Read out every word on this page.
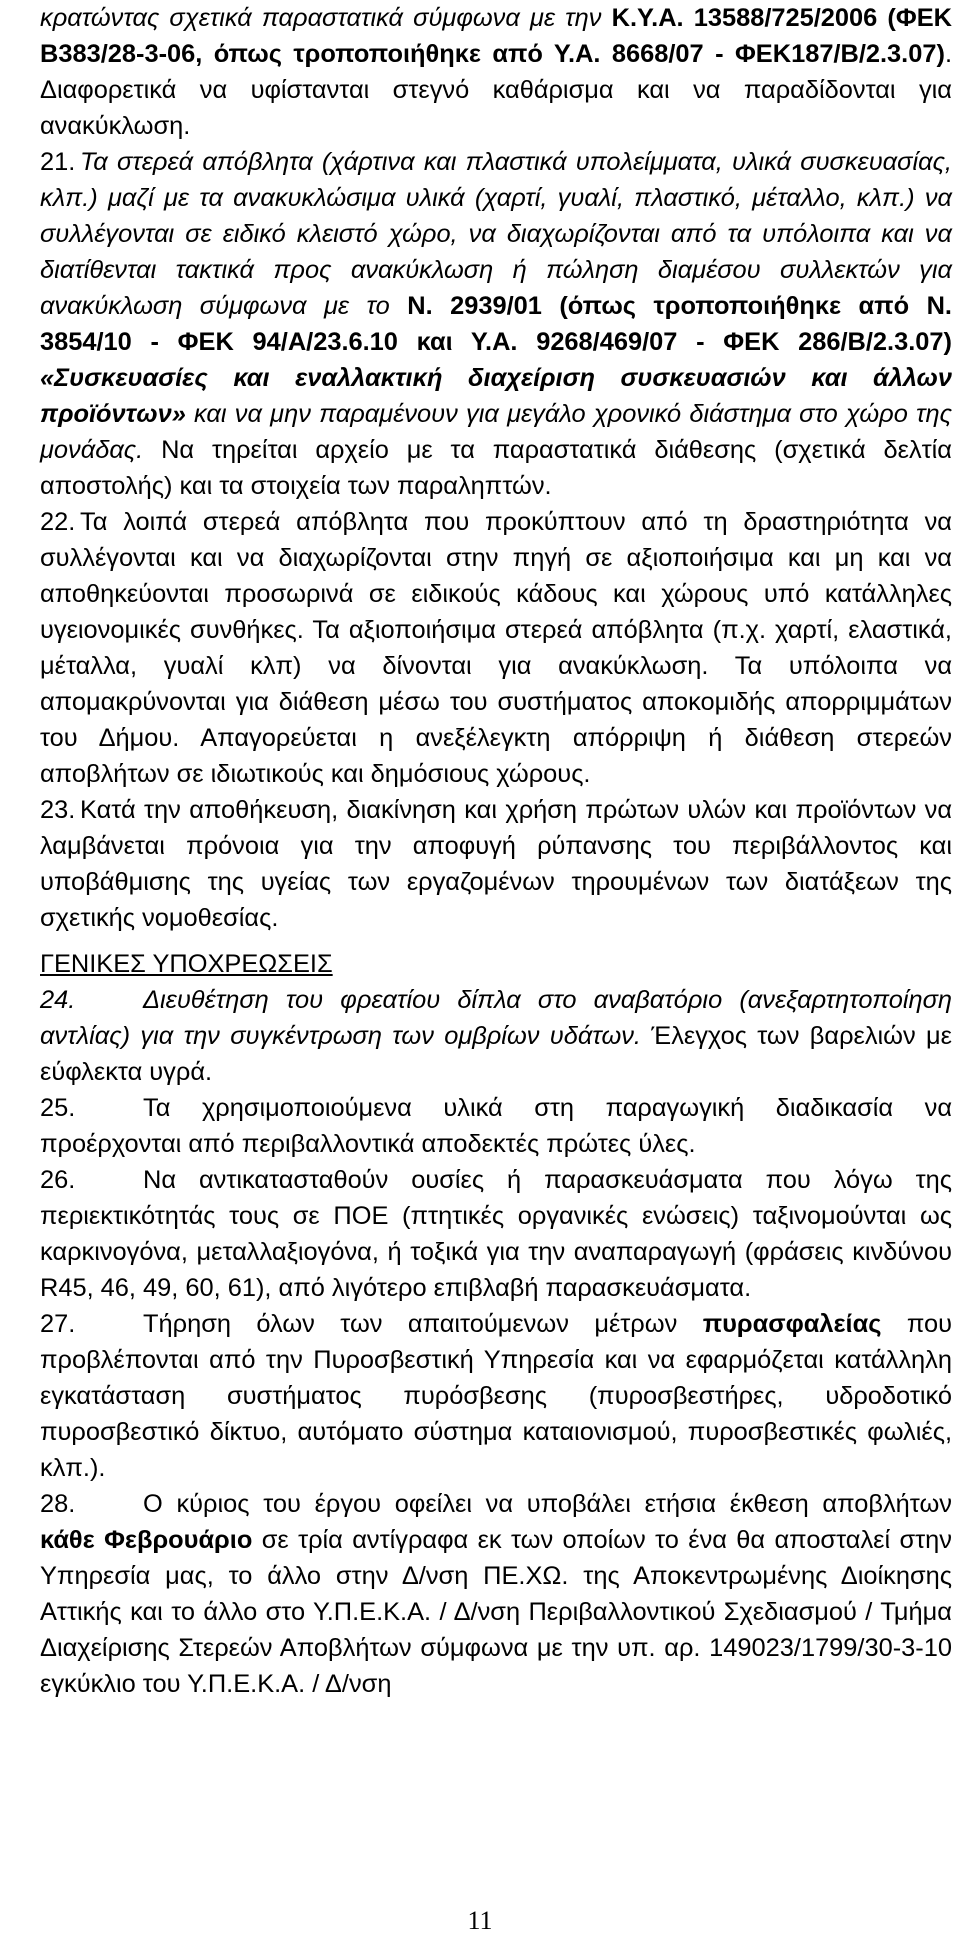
κρατώντας σχετικά παραστατικά σύμφωνα με την Κ.Υ.Α. 13588/725/2006 (ΦΕΚ Β383/28-3-06, όπως τροποποιήθηκε από Υ.Α. 8668/07 - ΦΕΚ187/Β/2.3.07). Διαφορετικά να υφίστανται στεγνό καθάρισμα και να παραδίδονται για ανακύκλωση.

21. Τα στερεά απόβλητα (χάρτινα και πλαστικά υπολείμματα, υλικά συσκευασίας, κλπ.) μαζί με τα ανακυκλώσιμα υλικά (χαρτί, γυαλί, πλαστικό, μέταλλο, κλπ.) να συλλέγονται σε ειδικό κλειστό χώρο, να διαχωρίζονται από τα υπόλοιπα και να διατίθενται τακτικά προς ανακύκλωση ή πώληση διαμέσου συλλεκτών για ανακύκλωση σύμφωνα με το Ν. 2939/01 (όπως τροποποιήθηκε από Ν. 3854/10 - ΦΕΚ 94/Α/23.6.10 και Υ.Α. 9268/469/07 - ΦΕΚ 286/Β/2.3.07) «Συσκευασίες και εναλλακτική διαχείριση συσκευασιών και άλλων προϊόντων» και να μην παραμένουν για μεγάλο χρονικό διάστημα στο χώρο της μονάδας. Να τηρείται αρχείο με τα παραστατικά διάθεσης (σχετικά δελτία αποστολής) και τα στοιχεία των παραληπτών.

22. Τα λοιπά στερεά απόβλητα που προκύπτουν από τη δραστηριότητα να συλλέγονται και να διαχωρίζονται στην πηγή σε αξιοποιήσιμα και μη και να αποθηκεύονται προσωρινά σε ειδικούς κάδους και χώρους υπό κατάλληλες υγειονομικές συνθήκες. Τα αξιοποιήσιμα στερεά απόβλητα (π.χ. χαρτί, ελαστικά, μέταλλα, γυαλί κλπ) να δίνονται για ανακύκλωση. Τα υπόλοιπα να απομακρύνονται για διάθεση μέσω του συστήματος αποκομιδής απορριμμάτων του Δήμου. Απαγορεύεται η ανεξέλεγκτη απόρριψη ή διάθεση στερεών αποβλήτων σε ιδιωτικούς και δημόσιους χώρους.

23. Κατά την αποθήκευση, διακίνηση και χρήση πρώτων υλών και προϊόντων να λαμβάνεται πρόνοια για την αποφυγή ρύπανσης του περιβάλλοντος και υποβάθμισης της υγείας των εργαζομένων τηρουμένων των διατάξεων της σχετικής νομοθεσίας.

ΓΕΝΙΚΕΣ ΥΠΟΧΡΕΩΣΕΙΣ

24.	Διευθέτηση του φρεατίου δίπλα στο αναβατόριο (ανεξαρτητοποίηση αντλίας) για την συγκέντρωση των ομβρίων υδάτων. Έλεγχος των βαρελιών με εύφλεκτα υγρά.

25.	Τα χρησιμοποιούμενα υλικά στη παραγωγική διαδικασία να προέρχονται από περιβαλλοντικά αποδεκτές πρώτες ύλες.

26.	Να αντικατασταθούν ουσίες ή παρασκευάσματα που λόγω της περιεκτικότητάς τους σε ΠΟΕ (πτητικές οργανικές ενώσεις) ταξινομούνται ως καρκινογόνα, μεταλλαξιογόνα, ή τοξικά για την αναπαραγωγή (φράσεις κινδύνου R45, 46, 49, 60, 61), από λιγότερο επιβλαβή παρασκευάσματα.

27.	Τήρηση όλων των απαιτούμενων μέτρων πυρασφαλείας που προβλέπονται από την Πυροσβεστική Υπηρεσία και να εφαρμόζεται κατάλληλη εγκατάσταση συστήματος πυρόσβεσης (πυροσβεστήρες, υδροδοτικό πυροσβεστικό δίκτυο, αυτόματο σύστημα καταιονισμού, πυροσβεστικές φωλιές, κλπ.).

28.	Ο κύριος του έργου οφείλει να υποβάλει ετήσια έκθεση αποβλήτων κάθε Φεβρουάριο σε τρία αντίγραφα εκ των οποίων το ένα θα αποσταλεί στην Υπηρεσία μας, το άλλο στην Δ/νση ΠΕ.ΧΩ. της Αποκεντρωμένης Διοίκησης Αττικής και το άλλο στο Υ.Π.Ε.Κ.Α. / Δ/νση Περιβαλλοντικού Σχεδιασμού / Τμήμα Διαχείρισης Στερεών Αποβλήτων σύμφωνα με την υπ. αρ. 149023/1799/30-3-10 εγκύκλιο του Υ.Π.Ε.Κ.Α. / Δ/νση

11
